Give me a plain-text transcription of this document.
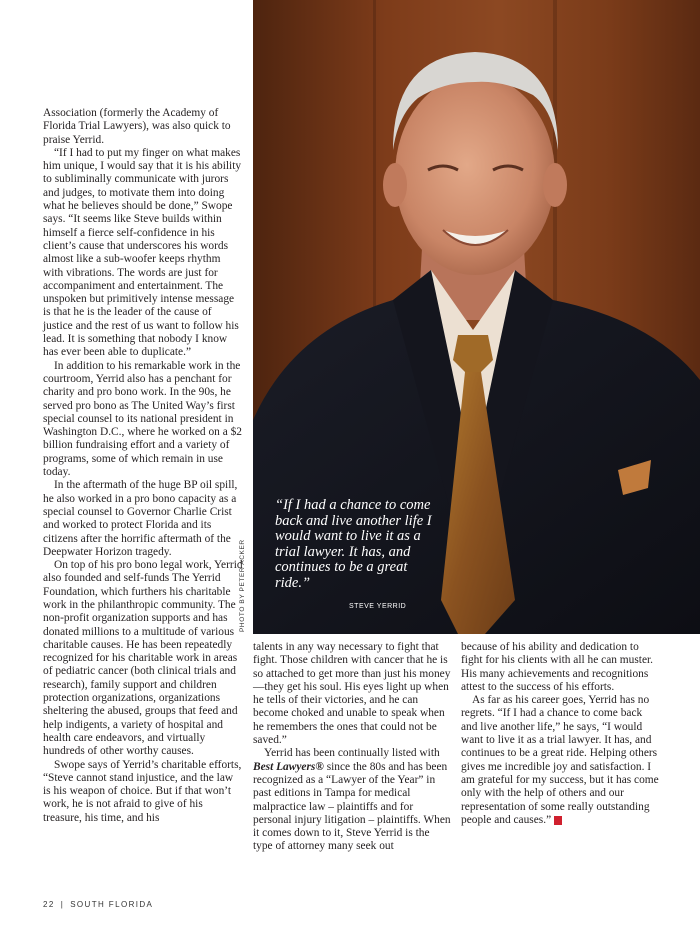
PHOTO BY PETER ACKER
“If I had a chance to come back and live another life I would want to live it as a trial lawyer. It has, and continues to be a great ride.”
STEVE YERRID

Association (formerly the Academy of Florida Trial Lawyers), was also quick to praise Yerrid.

“If I had to put my finger on what makes him unique, I would say that it is his ability to subliminally communicate with jurors and judges, to motivate them into doing what he believes should be done,” Swope says. “It seems like Steve builds within himself a fierce self-confidence in his client’s cause that underscores his words almost like a sub-woofer keeps rhythm with vibrations. The words are just for accompaniment and entertainment. The unspoken but primitively intense message is that he is the leader of the cause of justice and the rest of us want to follow his lead. It is something that nobody I know has ever been able to duplicate.”

In addition to his remarkable work in the courtroom, Yerrid also has a penchant for charity and pro bono work. In the 90s, he served pro bono as The United Way’s first special counsel to its national president in Washington D.C., where he worked on a $2 billion fundraising effort and a variety of programs, some of which remain in use today.

In the aftermath of the huge BP oil spill, he also worked in a pro bono capacity as a special counsel to Governor Charlie Crist and worked to protect Florida and its citizens after the horrific aftermath of the Deepwater Horizon tragedy.

On top of his pro bono legal work, Yerrid also founded and self-funds The Yerrid Foundation, which furthers his charitable work in the philanthropic community. The non-profit organization supports and has donated millions to a multitude of various charitable causes. He has been repeatedly recognized for his charitable work in areas of pediatric cancer (both clinical trials and research), family support and children protection organizations, organizations sheltering the abused, groups that feed and help indigents, a variety of hospital and health care endeavors, and virtually hundreds of other worthy causes.

Swope says of Yerrid’s charitable efforts, “Steve cannot stand injustice, and the law is his weapon of choice. But if that won’t work, he is not afraid to give of his treasure, his time, and his

talents in any way necessary to fight that fight. Those children with cancer that he is so attached to get more than just his money—they get his soul. His eyes light up when he tells of their victories, and he can become choked and unable to speak when he remembers the ones that could not be saved.”

Yerrid has been continually listed with Best Lawyers® since the 80s and has been recognized as a “Lawyer of the Year” in past editions in Tampa for medical malpractice law – plaintiffs and for personal injury litigation – plaintiffs. When it comes down to it, Steve Yerrid is the type of attorney many seek out

because of his ability and dedication to fight for his clients with all he can muster. His many achievements and recognitions attest to the success of his efforts.

As far as his career goes, Yerrid has no regrets. “If I had a chance to come back and live another life,” he says, “I would want to live it as a trial lawyer. It has, and continues to be a great ride. Helping others gives me incredible joy and satisfaction. I am grateful for my success, but it has come only with the help of others and our representation of some really outstanding people and causes.” B

22 | SOUTH FLORIDA
